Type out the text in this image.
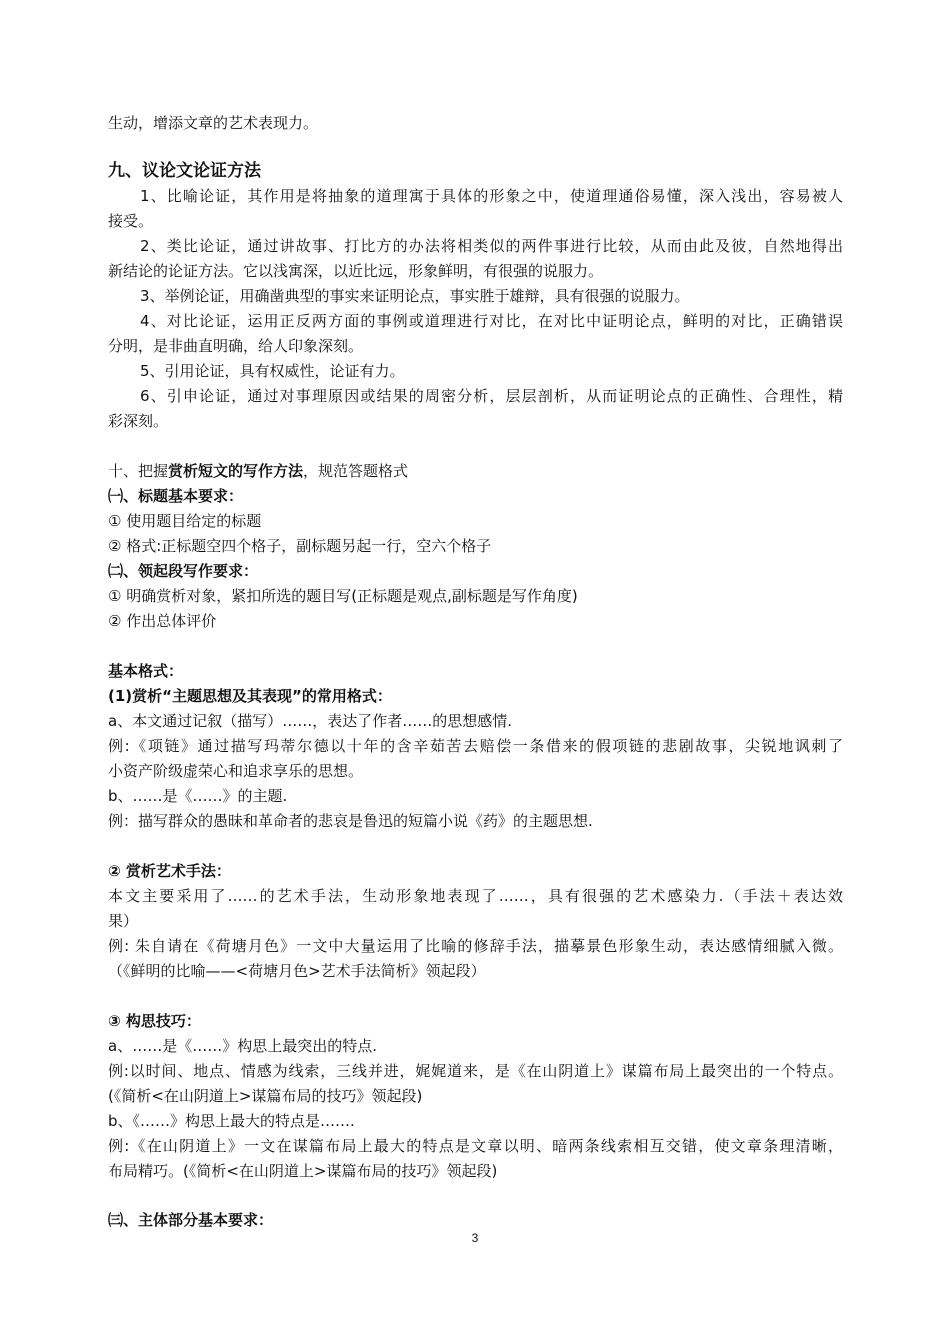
生动，增添文章的艺术表现力。
九、议论文论证方法
1、比喻论证，其作用是将抽象的道理寓于具体的形象之中，使道理通俗易懂，深入浅出，容易被人
接受。
2、类比论证，通过讲故事、打比方的办法将相类似的两件事进行比较，从而由此及彼，自然地得出
新结论的论证方法。它以浅寓深，以近比远，形象鲜明，有很强的说服力。
3、举例论证，用确凿典型的事实来证明论点，事实胜于雄辩，具有很强的说服力。
4、对比论证，运用正反两方面的事例或道理进行对比，在对比中证明论点，鲜明的对比，正确错误
分明，是非曲直明确，给人印象深刻。
5、引用论证，具有权威性，论证有力。
6、引申论证，通过对事理原因或结果的周密分析，层层剖析，从而证明论点的正确性、合理性，精
彩深刻。
十、把握赏析短文的写作方法，规范答题格式
㈠、标题基本要求：
① 使用题目给定的标题
② 格式:正标题空四个格子，副标题另起一行，空六个格子
㈡、领起段写作要求：
① 明确赏析对象，紧扣所选的题目写(正标题是观点,副标题是写作角度)
② 作出总体评价
基本格式：
(1)赏析“主题思想及其表现”的常用格式：
a、本文通过记叙（描写）……，表达了作者……的思想感情.
例:《项链》通过描写玛蒂尔德以十年的含辛茹苦去赔偿一条借来的假项链的悲剧故事，尖锐地讽刺了
小资产阶级虚荣心和追求享乐的思想。
b、……是《……》的主题.
例：描写群众的愚昧和革命者的悲哀是鲁迅的短篇小说《药》的主题思想.
② 赏析艺术手法：
本文主要采用了……的艺术手法，生动形象地表现了……，具有很强的艺术感染力.（手法＋表达效
果）
例: 朱自请在《荷塘月色》一文中大量运用了比喻的修辞手法，描摹景色形象生动，表达感情细腻入微。
（《鲜明的比喻——<荷塘月色>艺术手法简析》领起段）
③ 构思技巧：
a、……是《……》构思上最突出的特点.
例:以时间、地点、情感为线索，三线并进，娓娓道来，是《在山阴道上》谋篇布局上最突出的一个特点。
(《简析<在山阴道上>谋篇布局的技巧》领起段)
b、《……》构思上最大的特点是…….
例:《在山阴道上》一文在谋篇布局上最大的特点是文章以明、暗两条线索相互交错，使文章条理清晰，
布局精巧。(《简析<在山阴道上>谋篇布局的技巧》领起段)
㈢、主体部分基本要求：
3
